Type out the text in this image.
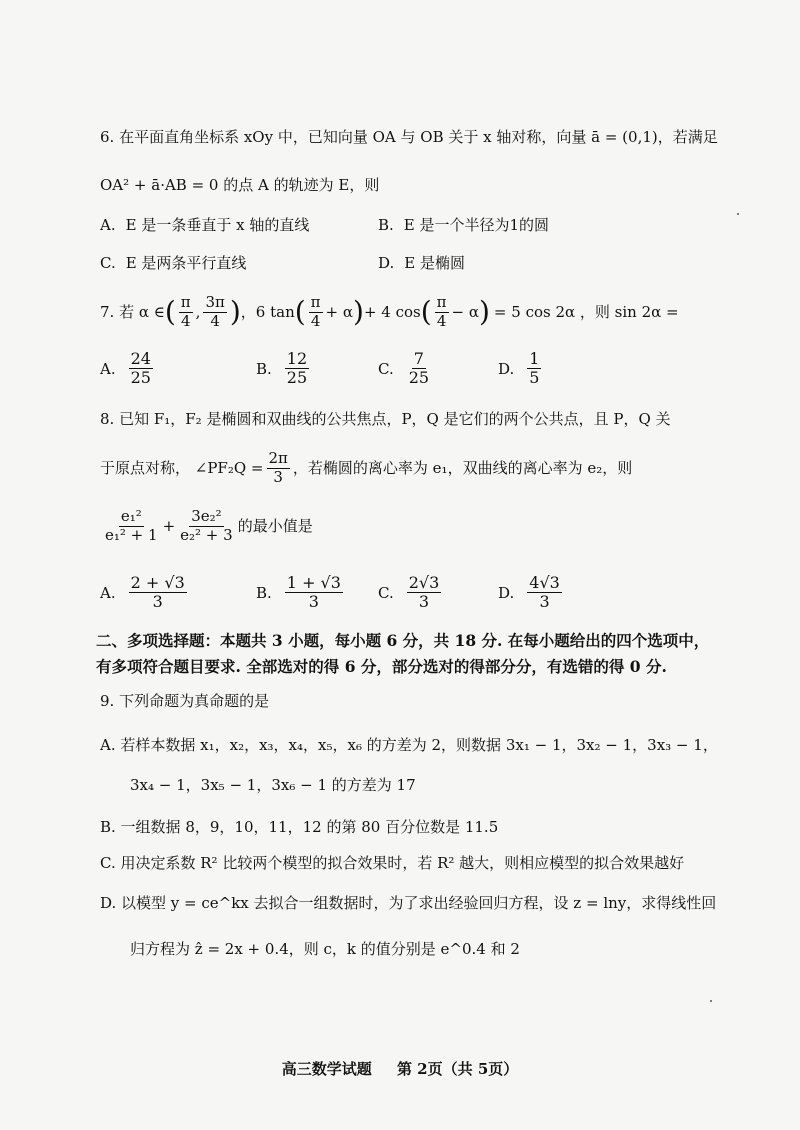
6. 在平面直角坐标系 xOy 中，已知向量 OA 与 OB 关于 x 轴对称，向量 ā = (0,1)，若满足
OA² + ā·AB = 0 的点 A 的轨迹为 E，则
A. E 是一条垂直于 x 轴的直线	B. E 是一个半径为1的圆
C. E 是两条平行直线	D. E 是椭圆
7. 若 α ∈ ( $\frac{\pi}{4}$ , $\frac{3\pi}{4}$ ) ，6 tan ( $\frac{\pi}{4} + \alpha$ ) + 4 cos ( $\frac{\pi}{4} - \alpha$ ) = 5 cos 2α ，则 sin 2α =
A. $\frac{24}{25}$	B. $\frac{12}{25}$	C. $\frac{7}{25}$	D. $\frac{1}{5}$
8. 已知 F₁，F₂ 是椭圆和双曲线的公共焦点，P，Q 是它们的两个公共点，且 P，Q 关
于原点对称， ∠PF₂Q = $\frac{2\pi}{3}$ ，若椭圆的离心率为 e₁，双曲线的离心率为 e₂，则
$\frac{\text{e₁²}}{\text{e₁² + 1}} + \frac{\text{3e₂²}}{\text{e₂² + 3}}$ 的最小值是
A. $\frac{2 + √3}{3}$	B. $\frac{1 + √3}{3} C$. $\frac{2√3}{3}$	D. $\frac{4√3}{3}$
二、多项选择题：本题共 3 小题，每小题 6 分，共 18 分. 在每小题给出的四个选项中，
有多项符合题目要求. 全部选对的得 6 分，部分选对的得部分分，有选错的得 0 分.
9. 下列命题为真命题的是
A. 若样本数据 x₁，x₂，x₃，x₄，x₅，x₆ 的方差为 2，则数据 3x₁ − 1，3x₂ − 1，3x₃ − 1，
3x₄ − 1，3x₅ − 1，3x₆ − 1 的方差为 17
B. 一组数据 8，9，10，11，12 的第 80 百分位数是 11.5
C. 用决定系数 R² 比较两个模型的拟合效果时，若 R² 越大，则相应模型的拟合效果越好
D. 以模型 y = ce^kx 去拟合一组数据时，为了求出经验回归方程，设 z = lny，求得线性回
归方程为 ẑ = 2x + 0.4，则 c，k 的值分别是 e^0.4 和 2
高三数学试题 第 2页（共 5页）
